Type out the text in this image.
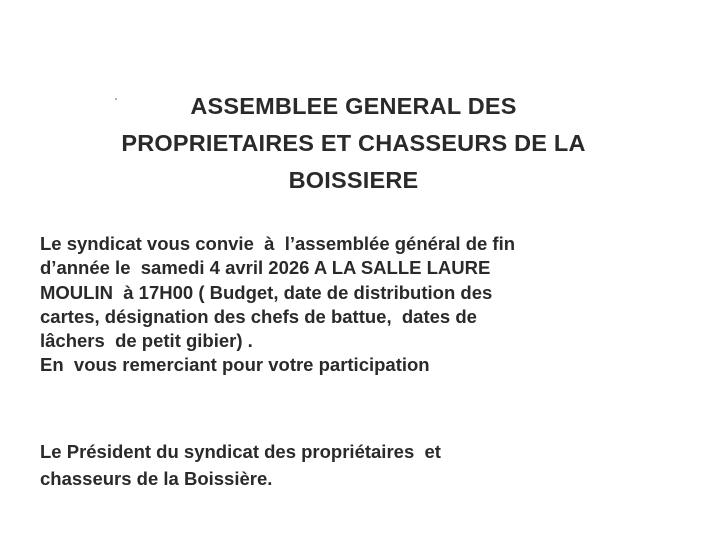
ASSEMBLEE GENERAL DES
PROPRIETAIRES ET CHASSEURS DE LA
BOISSIERE
Le syndicat vous convie  à  l’assemblée général de fin
d’année le  samedi 4 avril 2026 A LA SALLE LAURE
MOULIN  à 17H00 ( Budget, date de distribution des
cartes, désignation des chefs de battue,  dates de
lâchers  de petit gibier) .
En  vous remerciant pour votre participation
Le Président du syndicat des propriétaires  et
chasseurs de la Boissière.
